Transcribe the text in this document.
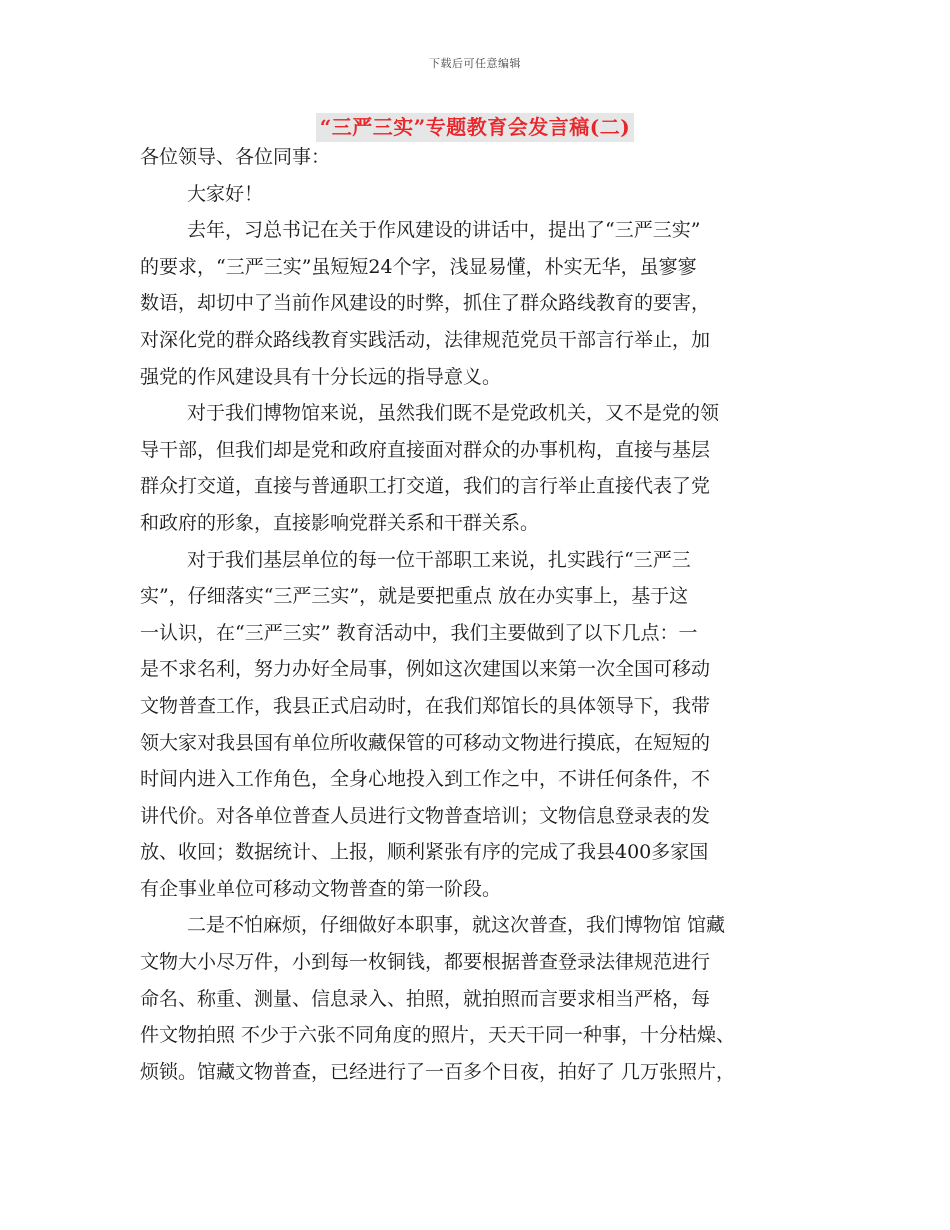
下载后可任意编辑
“三严三实”专题教育会发言稿(二)
各位领导、各位同事：
大家好！
去年，习总书记在关于作风建设的讲话中，提出了“三严三实”
的要求，“三严三实”虽短短24个字，浅显易懂，朴实无华，虽寥寥
数语，却切中了当前作风建设的时弊，抓住了群众路线教育的要害，
对深化党的群众路线教育实践活动，法律规范党员干部言行举止，加
强党的作风建设具有十分长远的指导意义。
对于我们博物馆来说，虽然我们既不是党政机关，又不是党的领
导干部，但我们却是党和政府直接面对群众的办事机构，直接与基层
群众打交道，直接与普通职工打交道，我们的言行举止直接代表了党
和政府的形象，直接影响党群关系和干群关系。
对于我们基层单位的每一位干部职工来说，扎实践行“三严三
实”，仔细落实“三严三实”，就是要把重点 放在办实事上，基于这
一认识，在“三严三实” 教育活动中，我们主要做到了以下几点：一
是不求名利，努力办好全局事，例如这次建国以来第一次全国可移动
文物普查工作，我县正式启动时，在我们郑馆长的具体领导下，我带
领大家对我县国有单位所收藏保管的可移动文物进行摸底，在短短的
时间内进入工作角色，全身心地投入到工作之中，不讲任何条件，不
讲代价。对各单位普查人员进行文物普查培训；文物信息登录表的发
放、收回；数据统计、上报，顺利紧张有序的完成了我县400多家国
有企事业单位可移动文物普查的第一阶段。
二是不怕麻烦，仔细做好本职事，就这次普查，我们博物馆 馆藏
文物大小尽万件，小到每一枚铜钱，都要根据普查登录法律规范进行
命名、称重、测量、信息录入、拍照，就拍照而言要求相当严格，每
件文物拍照 不少于六张不同角度的照片，天天干同一种事，十分枯燥、
烦锁。馆藏文物普查，已经进行了一百多个日夜，拍好了 几万张照片，
